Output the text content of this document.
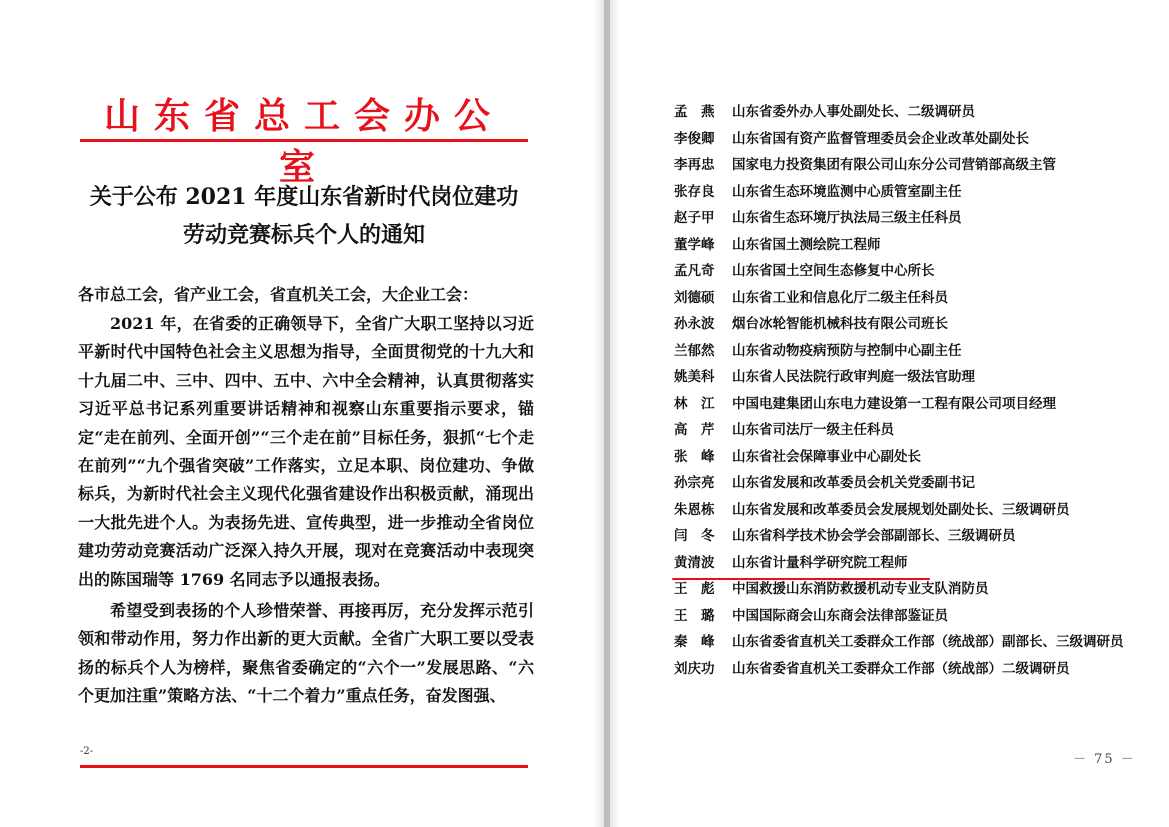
山东省总工会办公室
关于公布 2021 年度山东省新时代岗位建功
劳动竞赛标兵个人的通知
各市总工会，省产业工会，省直机关工会，大企业工会：
2021 年，在省委的正确领导下，全省广大职工坚持以习近平新时代中国特色社会主义思想为指导，全面贯彻党的十九大和十九届二中、三中、四中、五中、六中全会精神，认真贯彻落实习近平总书记系列重要讲话精神和视察山东重要指示要求，锚定“走在前列、全面开创”“三个走在前”目标任务，狠抓“七个走在前列”“九个强省突破”工作落实，立足本职、岗位建功、争做标兵，为新时代社会主义现代化强省建设作出积极贡献，涌现出一大批先进个人。为表扬先进、宣传典型，进一步推动全省岗位建功劳动竞赛活动广泛深入持久开展，现对在竞赛活动中表现突出的陈国瑞等 1769 名同志予以通报表扬。
希望受到表扬的个人珍惜荣誉、再接再厉，充分发挥示范引领和带动作用，努力作出新的更大贡献。全省广大职工要以受表扬的标兵个人为榜样，聚焦省委确定的“六个一”发展思路、“六个更加注重”策略方法、“十二个着力”重点任务，奋发图强、
-2-
孟　燕	山东省委外办人事处副处长、二级调研员
李俊卿	山东省国有资产监督管理委员会企业改革处副处长
李再忠	国家电力投资集团有限公司山东分公司营销部高级主管
张存良	山东省生态环境监测中心质管室副主任
赵子甲	山东省生态环境厅执法局三级主任科员
董学峰	山东省国土测绘院工程师
孟凡奇	山东省国土空间生态修复中心所长
刘德硕	山东省工业和信息化厅二级主任科员
孙永波	烟台冰轮智能机械科技有限公司班长
兰郁然	山东省动物疫病预防与控制中心副主任
姚美科	山东省人民法院行政审判庭一级法官助理
林　江	中国电建集团山东电力建设第一工程有限公司项目经理
高　芹	山东省司法厅一级主任科员
张　峰	山东省社会保障事业中心副处长
孙宗亮	山东省发展和改革委员会机关党委副书记
朱恩栋	山东省发展和改革委员会发展规划处副处长、三级调研员
闫　冬	山东省科学技术协会学会部副部长、三级调研员
黄清波	山东省计量科学研究院工程师
王　彪	中国救援山东消防救援机动专业支队消防员
王　璐	中国国际商会山东商会法律部鉴证员
秦　峰	山东省委省直机关工委群众工作部（统战部）副部长、三级调研员
刘庆功	山东省委省直机关工委群众工作部（统战部）二级调研员
－ 75 －
